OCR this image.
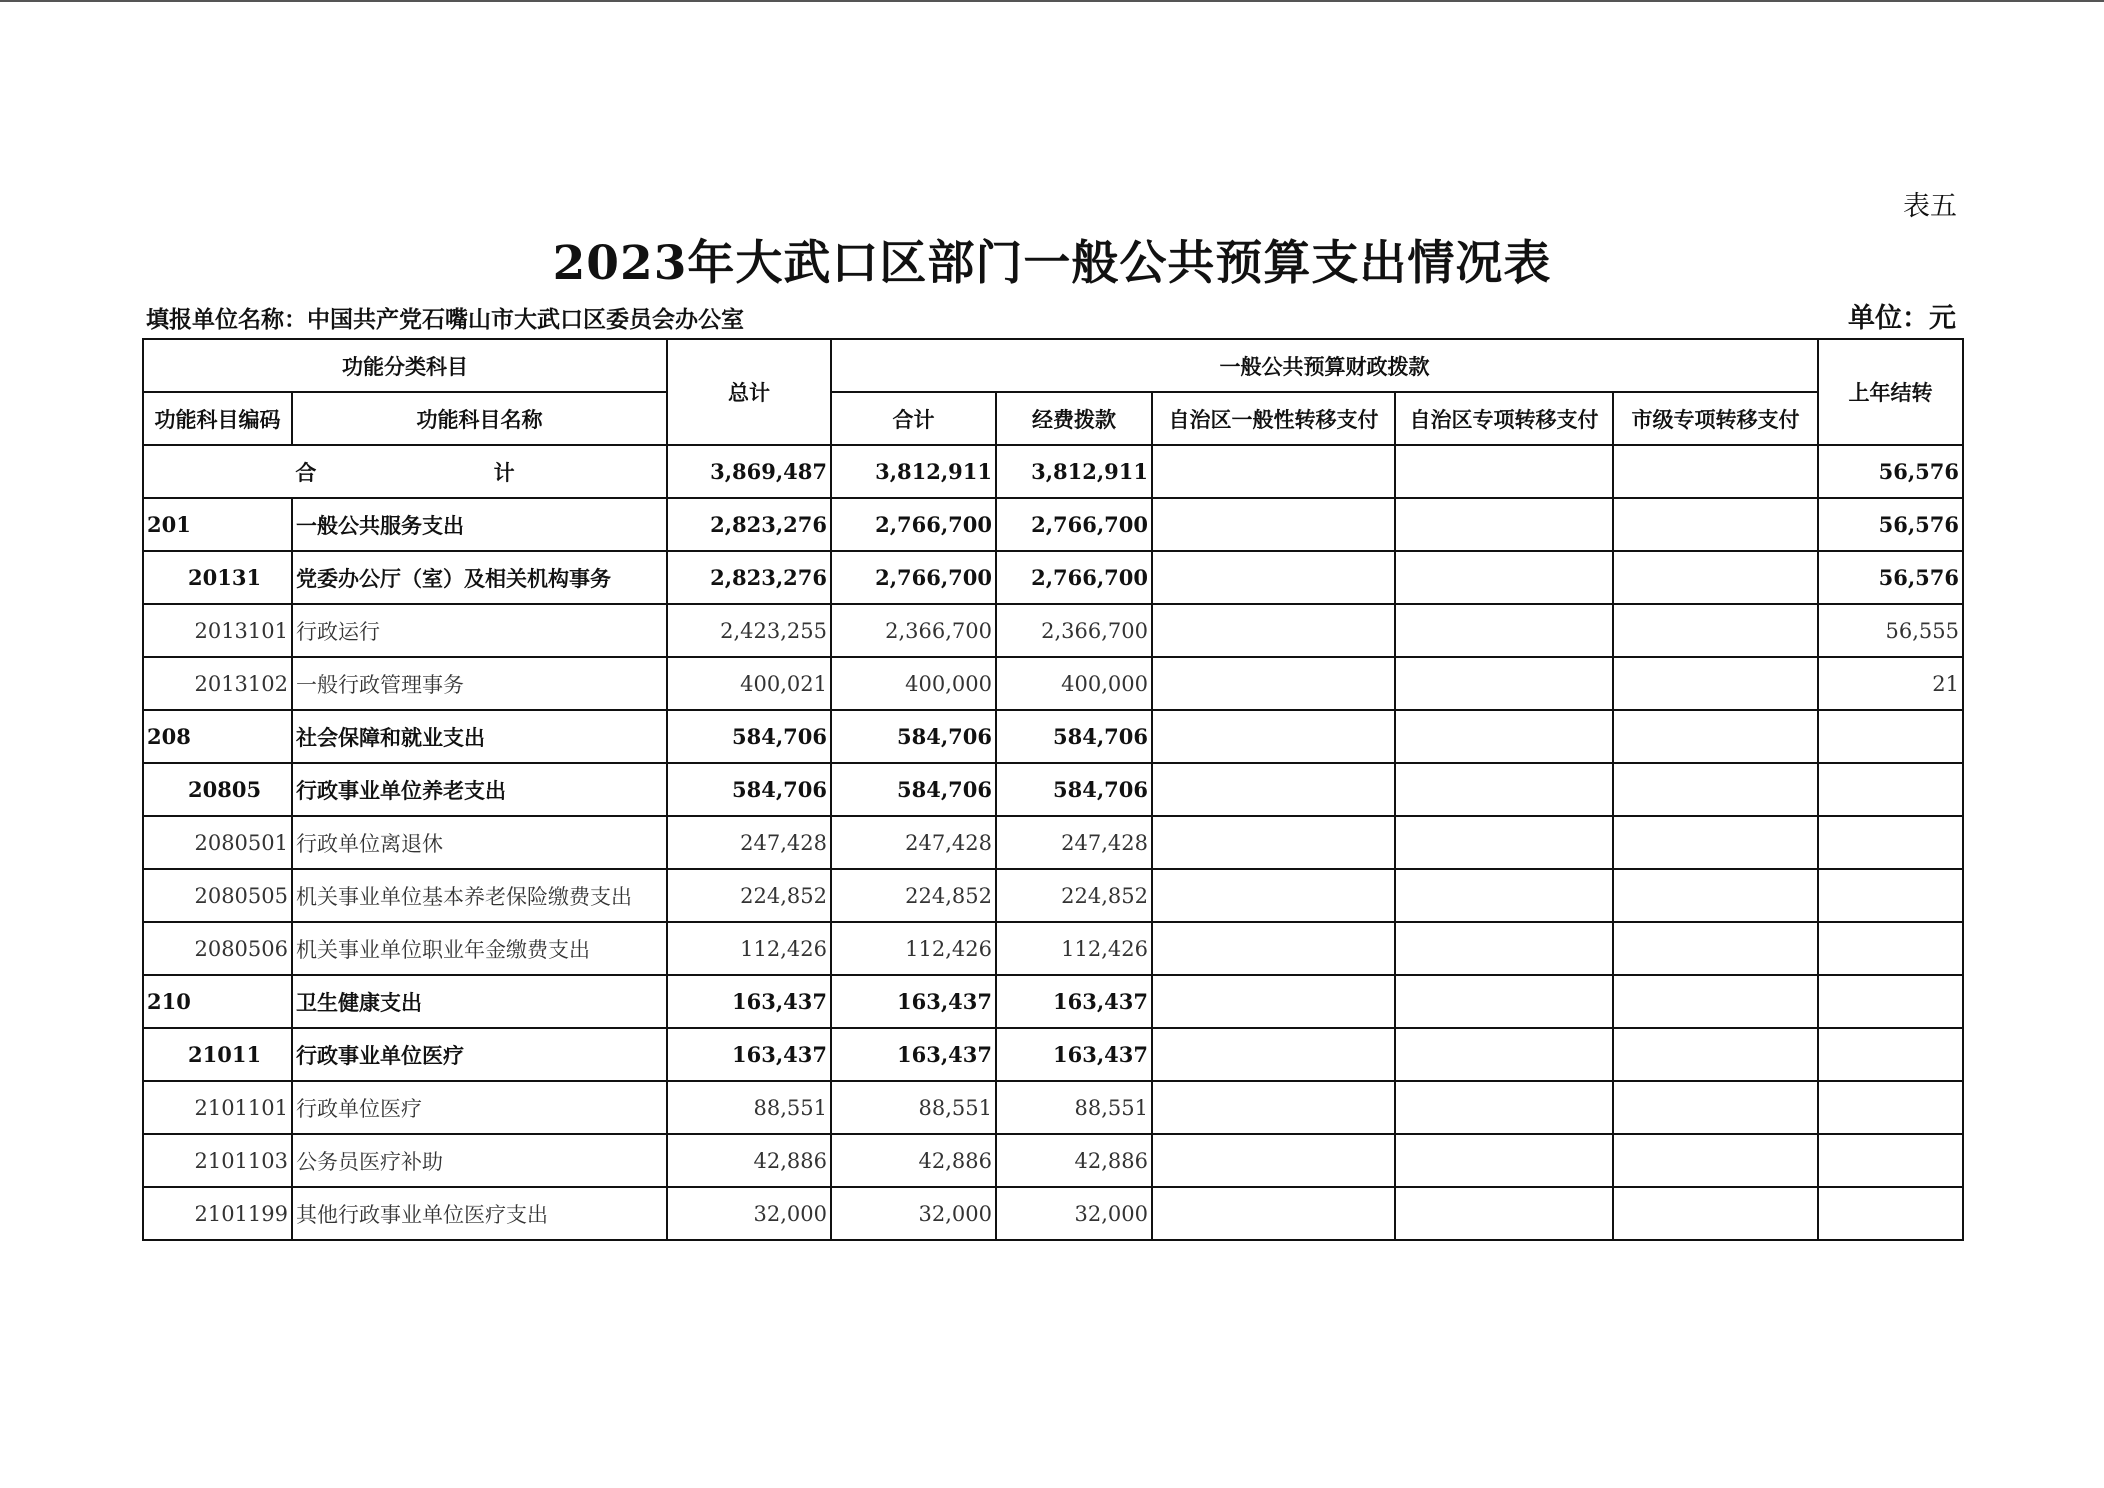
表五
2023年大武口区部门一般公共预算支出情况表
填报单位名称：中国共产党石嘴山市大武口区委员会办公室	单位：元
功能分类科目		总计	一般公共预算财政拨款					上年结转
功能科目编码	功能科目名称		合计	经费拨款	自治区一般性转移支付	自治区专项转移支付	市级专项转移支付	
合 计		3,869,487	3,812,911	3,812,911				56,576
201	一般公共服务支出	2,823,276	2,766,700	2,766,700				56,576
20131	党委办公厅（室）及相关机构事务	2,823,276	2,766,700	2,766,700				56,576
2013101	行政运行	2,423,255	2,366,700	2,366,700				56,555
2013102	一般行政管理事务	400,021	400,000	400,000				21
208	社会保障和就业支出	584,706	584,706	584,706				
20805	行政事业单位养老支出	584,706	584,706	584,706				
2080501	行政单位离退休	247,428	247,428	247,428				
2080505	机关事业单位基本养老保险缴费支出	224,852	224,852	224,852				
2080506	机关事业单位职业年金缴费支出	112,426	112,426	112,426				
210	卫生健康支出	163,437	163,437	163,437				
21011	行政事业单位医疗	163,437	163,437	163,437				
2101101	行政单位医疗	88,551	88,551	88,551				
2101103	公务员医疗补助	42,886	42,886	42,886				
2101199	其他行政事业单位医疗支出	32,000	32,000	32,000				
